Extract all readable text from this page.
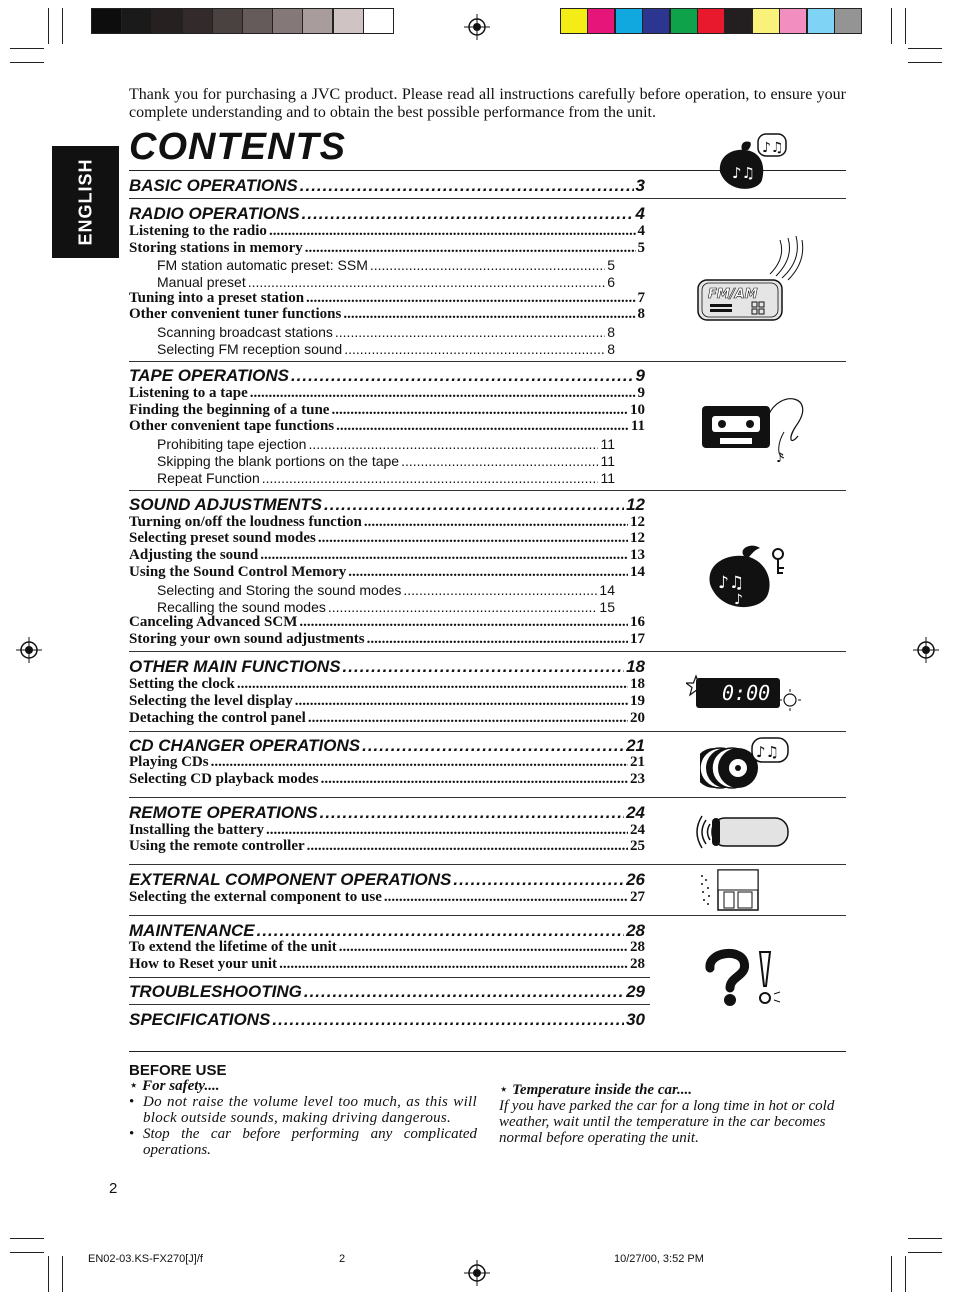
Thank you for purchasing a JVC product. Please read all instructions carefully before operation, to ensure your complete understanding and to obtain the best possible performance from the unit.
CONTENTS
ENGLISH BASIC OPERATIONS .....	3
RADIO OPERATIONS .....	4
Listening to the radio .....	4
Storing stations in memory .....	5
FM station automatic preset: SSM .....	5
Manual preset .....	6
Tuning into a preset station .....	7
Other convenient tuner functions .....	8
Scanning broadcast stations .....	8
Selecting FM reception sound .....	8
TAPE OPERATIONS .....	9
Listening to a tape .....	9
Finding the beginning of a tune .....	10
Other convenient tape functions .....	11
Prohibiting tape ejection .....	11
Skipping the blank portions on the tape .....	11
Repeat Function .....	11
SOUND ADJUSTMENTS .....	12
Turning on/off the loudness function .....	12
Selecting preset sound modes .....	12
Adjusting the sound .....	13
Using the Sound Control Memory .....	14
Selecting and Storing the sound modes .....	14
Recalling the sound modes .....	15
Canceling Advanced SCM .....	16
Storing your own sound adjustments .....	17
OTHER MAIN FUNCTIONS .....	18
Setting the clock .....	18
Selecting the level display .....	19
Detaching the control panel .....	20
CD CHANGER OPERATIONS .....	21
Playing CDs .....	21
Selecting CD playback modes .....	23
REMOTE OPERATIONS .....	24
Installing the battery .....	24
Using the remote controller .....	25
EXTERNAL COMPONENT OPERATIONS .....	26
Selecting the external component to use .....	27
MAINTENANCE .....	28
To extend the lifetime of the unit .....	28
How to Reset your unit .....	28
TROUBLESHOOTING .....	29
SPECIFICATIONS .....	30
♪♫
♪♫
FM/AM
♪
♪♫
♪
0:00
♪♫
BEFORE USE
⋆ For safety....
• Do not raise the volume level too much, as this will block outside sounds, making driving dangerous.
• Stop the car before performing any complicated operations.
⋆ Temperature inside the car....
If you have parked the car for a long time in hot or cold weather, wait until the temperature in the car becomes normal before operating the unit.
2
EN02-03.KS-FX270[J]/f	2	10/27/00, 3:52 PM
